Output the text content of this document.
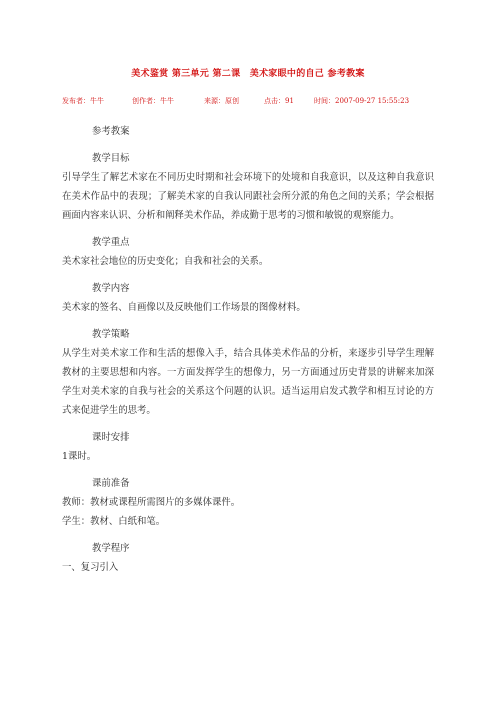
美术鉴赏 第三单元 第二课　美术家眼中的自己 参考教案
发布者：牛牛	创作者：牛牛	来源：原创	点击：91	时间：2007-09-27 15:55:23

参考教案

教学目标

引导学生了解艺术家在不同历史时期和社会环境下的处境和自我意识，以及这种自我意识在美术作品中的表现；了解美术家的自我认同跟社会所分派的角色之间的关系；学会根据画面内容来认识、分析和阐释美术作品，养成勤于思考的习惯和敏锐的观察能力。

教学重点

美术家社会地位的历史变化；自我和社会的关系。

教学内容

美术家的签名、自画像以及反映他们工作场景的图像材料。

教学策略

从学生对美术家工作和生活的想像入手，结合具体美术作品的分析，来逐步引导学生理解教材的主要思想和内容。一方面发挥学生的想像力，另一方面通过历史背景的讲解来加深学生对美术家的自我与社会的关系这个问题的认识。适当运用启发式教学和相互讨论的方式来促进学生的思考。

课时安排

1课时。

课前准备

教师：教材或课程所需图片的多媒体课件。

学生：教材、白纸和笔。

教学程序

一、复习引入
